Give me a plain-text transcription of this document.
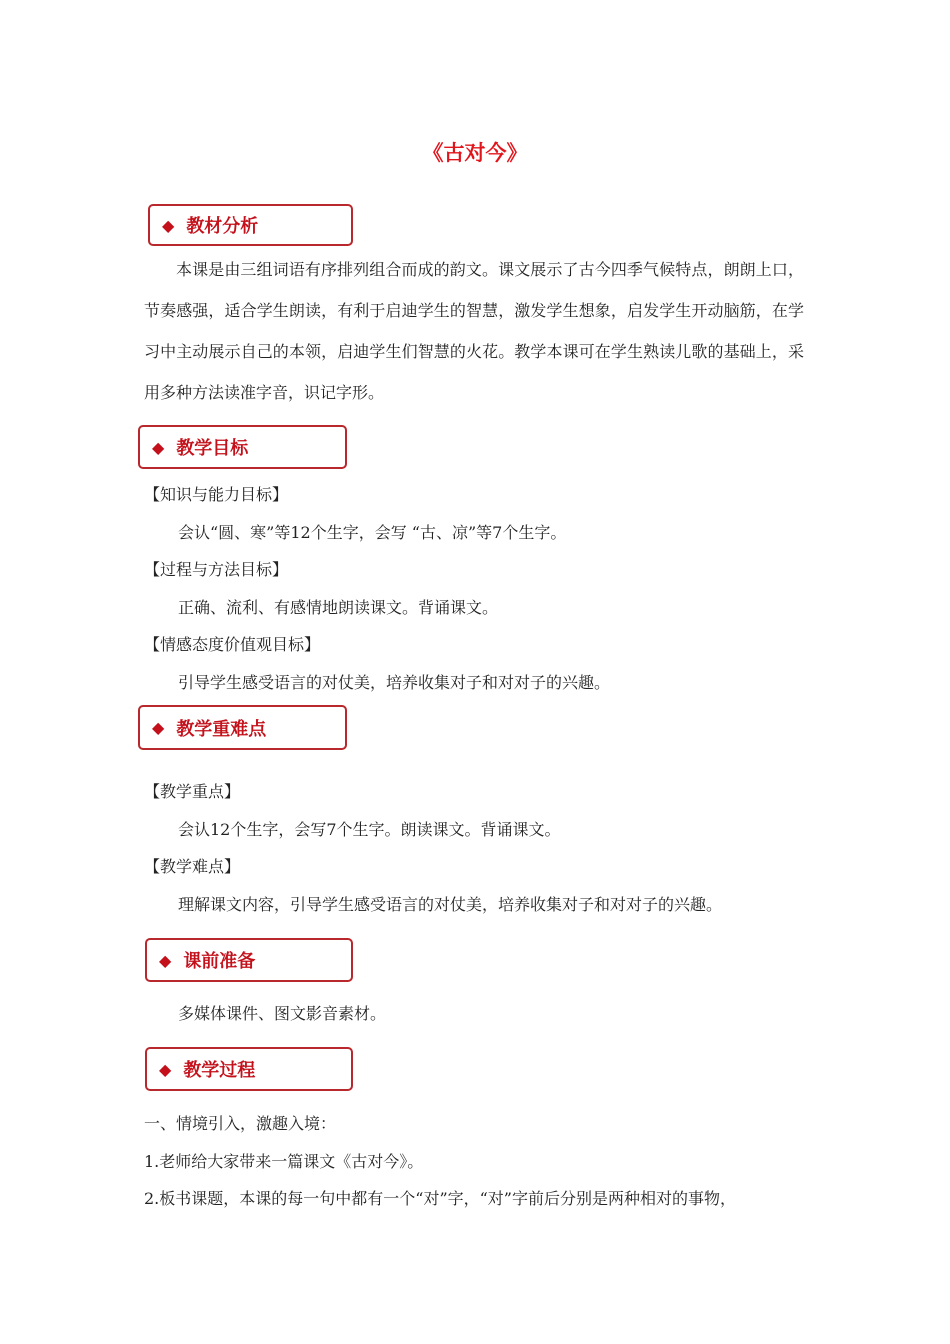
《古对今》
◆ 教材分析
本课是由三组词语有序排列组合而成的韵文。课文展示了古今四季气候特点，朗朗上口，节奏感强，适合学生朗读，有利于启迪学生的智慧，激发学生想象，启发学生开动脑筋，在学习中主动展示自己的本领，启迪学生们智慧的火花。教学本课可在学生熟读儿歌的基础上，采用多种方法读准字音，识记字形。
◆ 教学目标
【知识与能力目标】
会认“圆、寒”等12个生字，会写 “古、凉”等7个生字。
【过程与方法目标】
正确、流利、有感情地朗读课文。背诵课文。
【情感态度价值观目标】
引导学生感受语言的对仗美，培养收集对子和对对子的兴趣。
◆ 教学重难点
【教学重点】
会认12个生字，会写7个生字。朗读课文。背诵课文。
【教学难点】
理解课文内容，引导学生感受语言的对仗美，培养收集对子和对对子的兴趣。
◆ 课前准备
多媒体课件、图文影音素材。
◆ 教学过程
一、情境引入，激趣入境：
1.老师给大家带来一篇课文《古对今》。
2.板书课题，本课的每一句中都有一个“对”字，“对”字前后分别是两种相对的事物，
